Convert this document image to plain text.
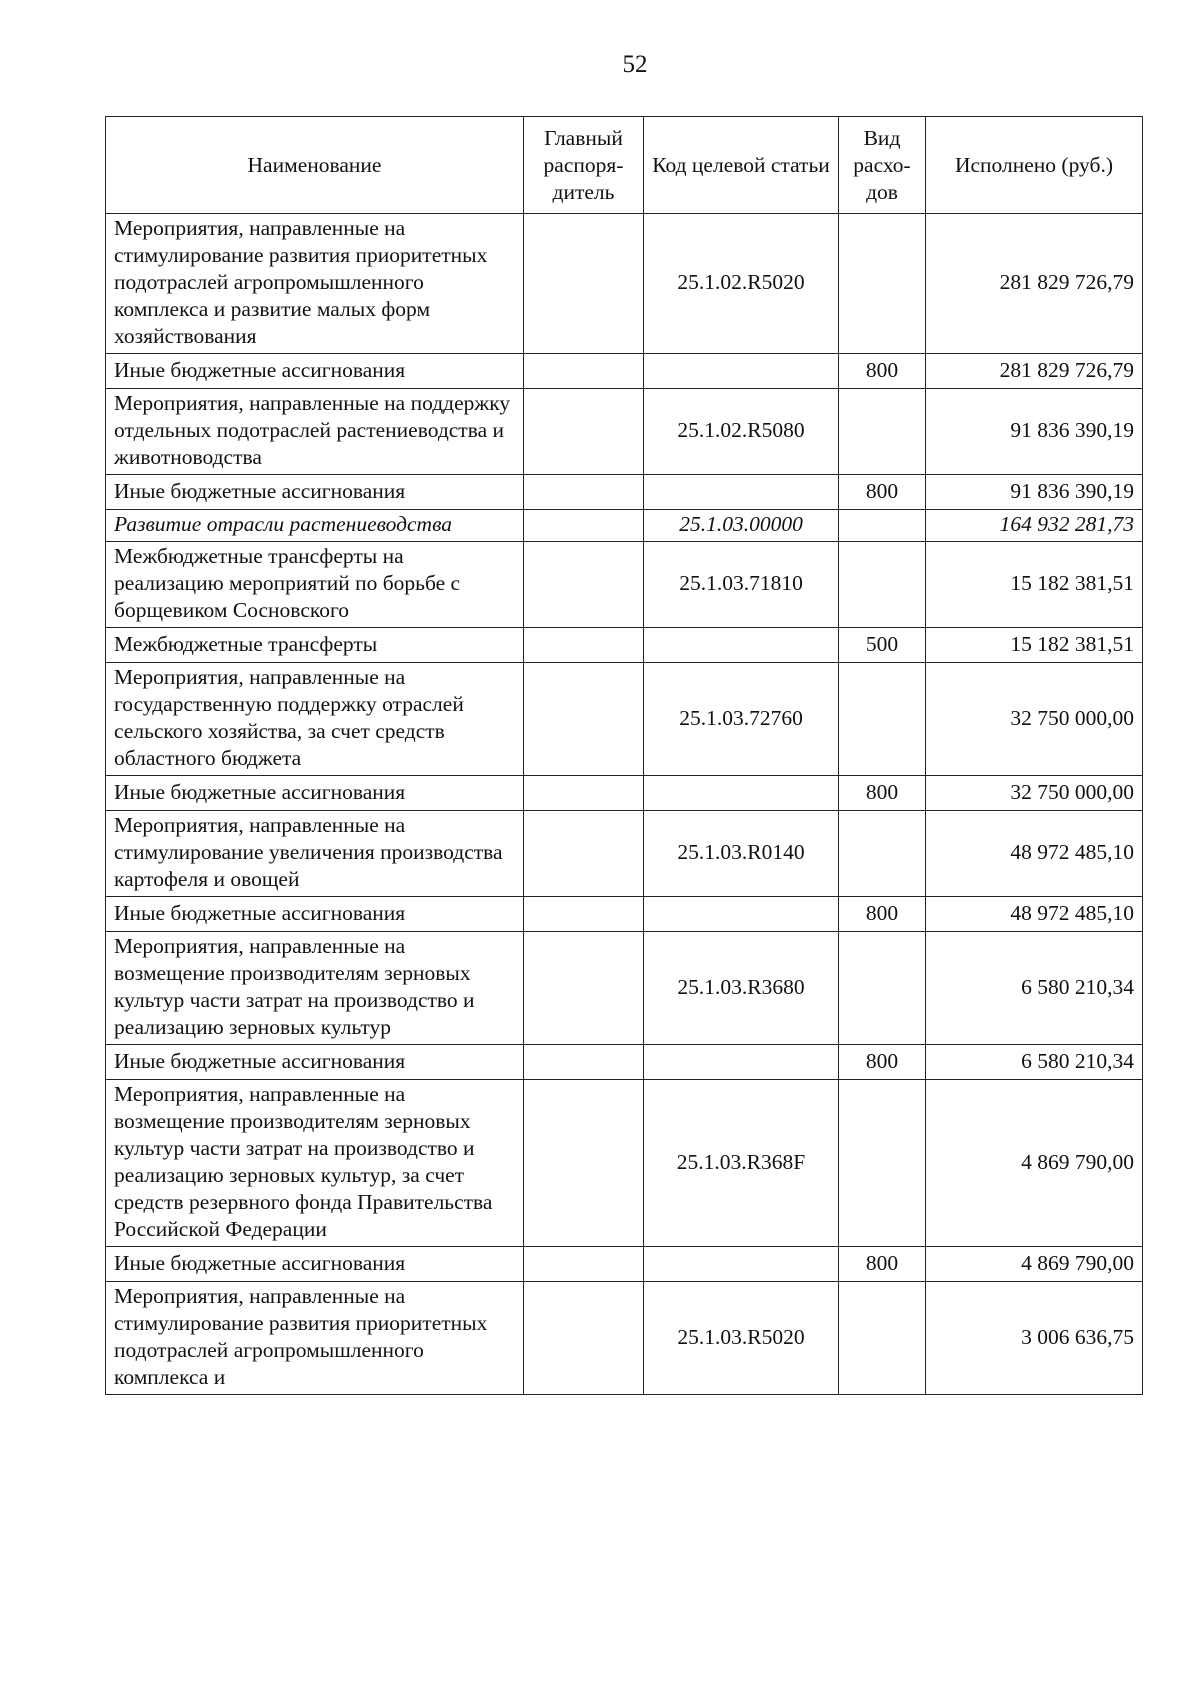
52
Наименование	Главный распоря-дитель	Код целевой статьи	Вид расхо-дов	Исполнено (руб.)
Мероприятия, направленные на стимулирование развития приоритетных подотраслей агропромышленного комплекса и развитие малых форм хозяйствования		25.1.02.R5020		281 829 726,79
Иные бюджетные ассигнования			800	281 829 726,79
Мероприятия, направленные на поддержку отдельных подотраслей растениеводства и животноводства		25.1.02.R5080		91 836 390,19
Иные бюджетные ассигнования			800	91 836 390,19
Развитие отрасли растениеводства		25.1.03.00000		164 932 281,73
Межбюджетные трансферты на реализацию мероприятий по борьбе с борщевиком Сосновского		25.1.03.71810		15 182 381,51
Межбюджетные трансферты			500	15 182 381,51
Мероприятия, направленные на государственную поддержку отраслей сельского хозяйства, за счет средств областного бюджета		25.1.03.72760		32 750 000,00
Иные бюджетные ассигнования			800	32 750 000,00
Мероприятия, направленные на стимулирование увеличения производства картофеля и овощей		25.1.03.R0140		48 972 485,10
Иные бюджетные ассигнования			800	48 972 485,10
Мероприятия, направленные на возмещение производителям зерновых культур части затрат на производство и реализацию зерновых культур		25.1.03.R3680		6 580 210,34
Иные бюджетные ассигнования			800	6 580 210,34
Мероприятия, направленные на возмещение производителям зерновых культур части затрат на производство и реализацию зерновых культур, за счет средств резервного фонда Правительства Российской Федерации		25.1.03.R368F		4 869 790,00
Иные бюджетные ассигнования			800	4 869 790,00
Мероприятия, направленные на стимулирование развития приоритетных подотраслей агропромышленного комплекса и		25.1.03.R5020		3 006 636,75
